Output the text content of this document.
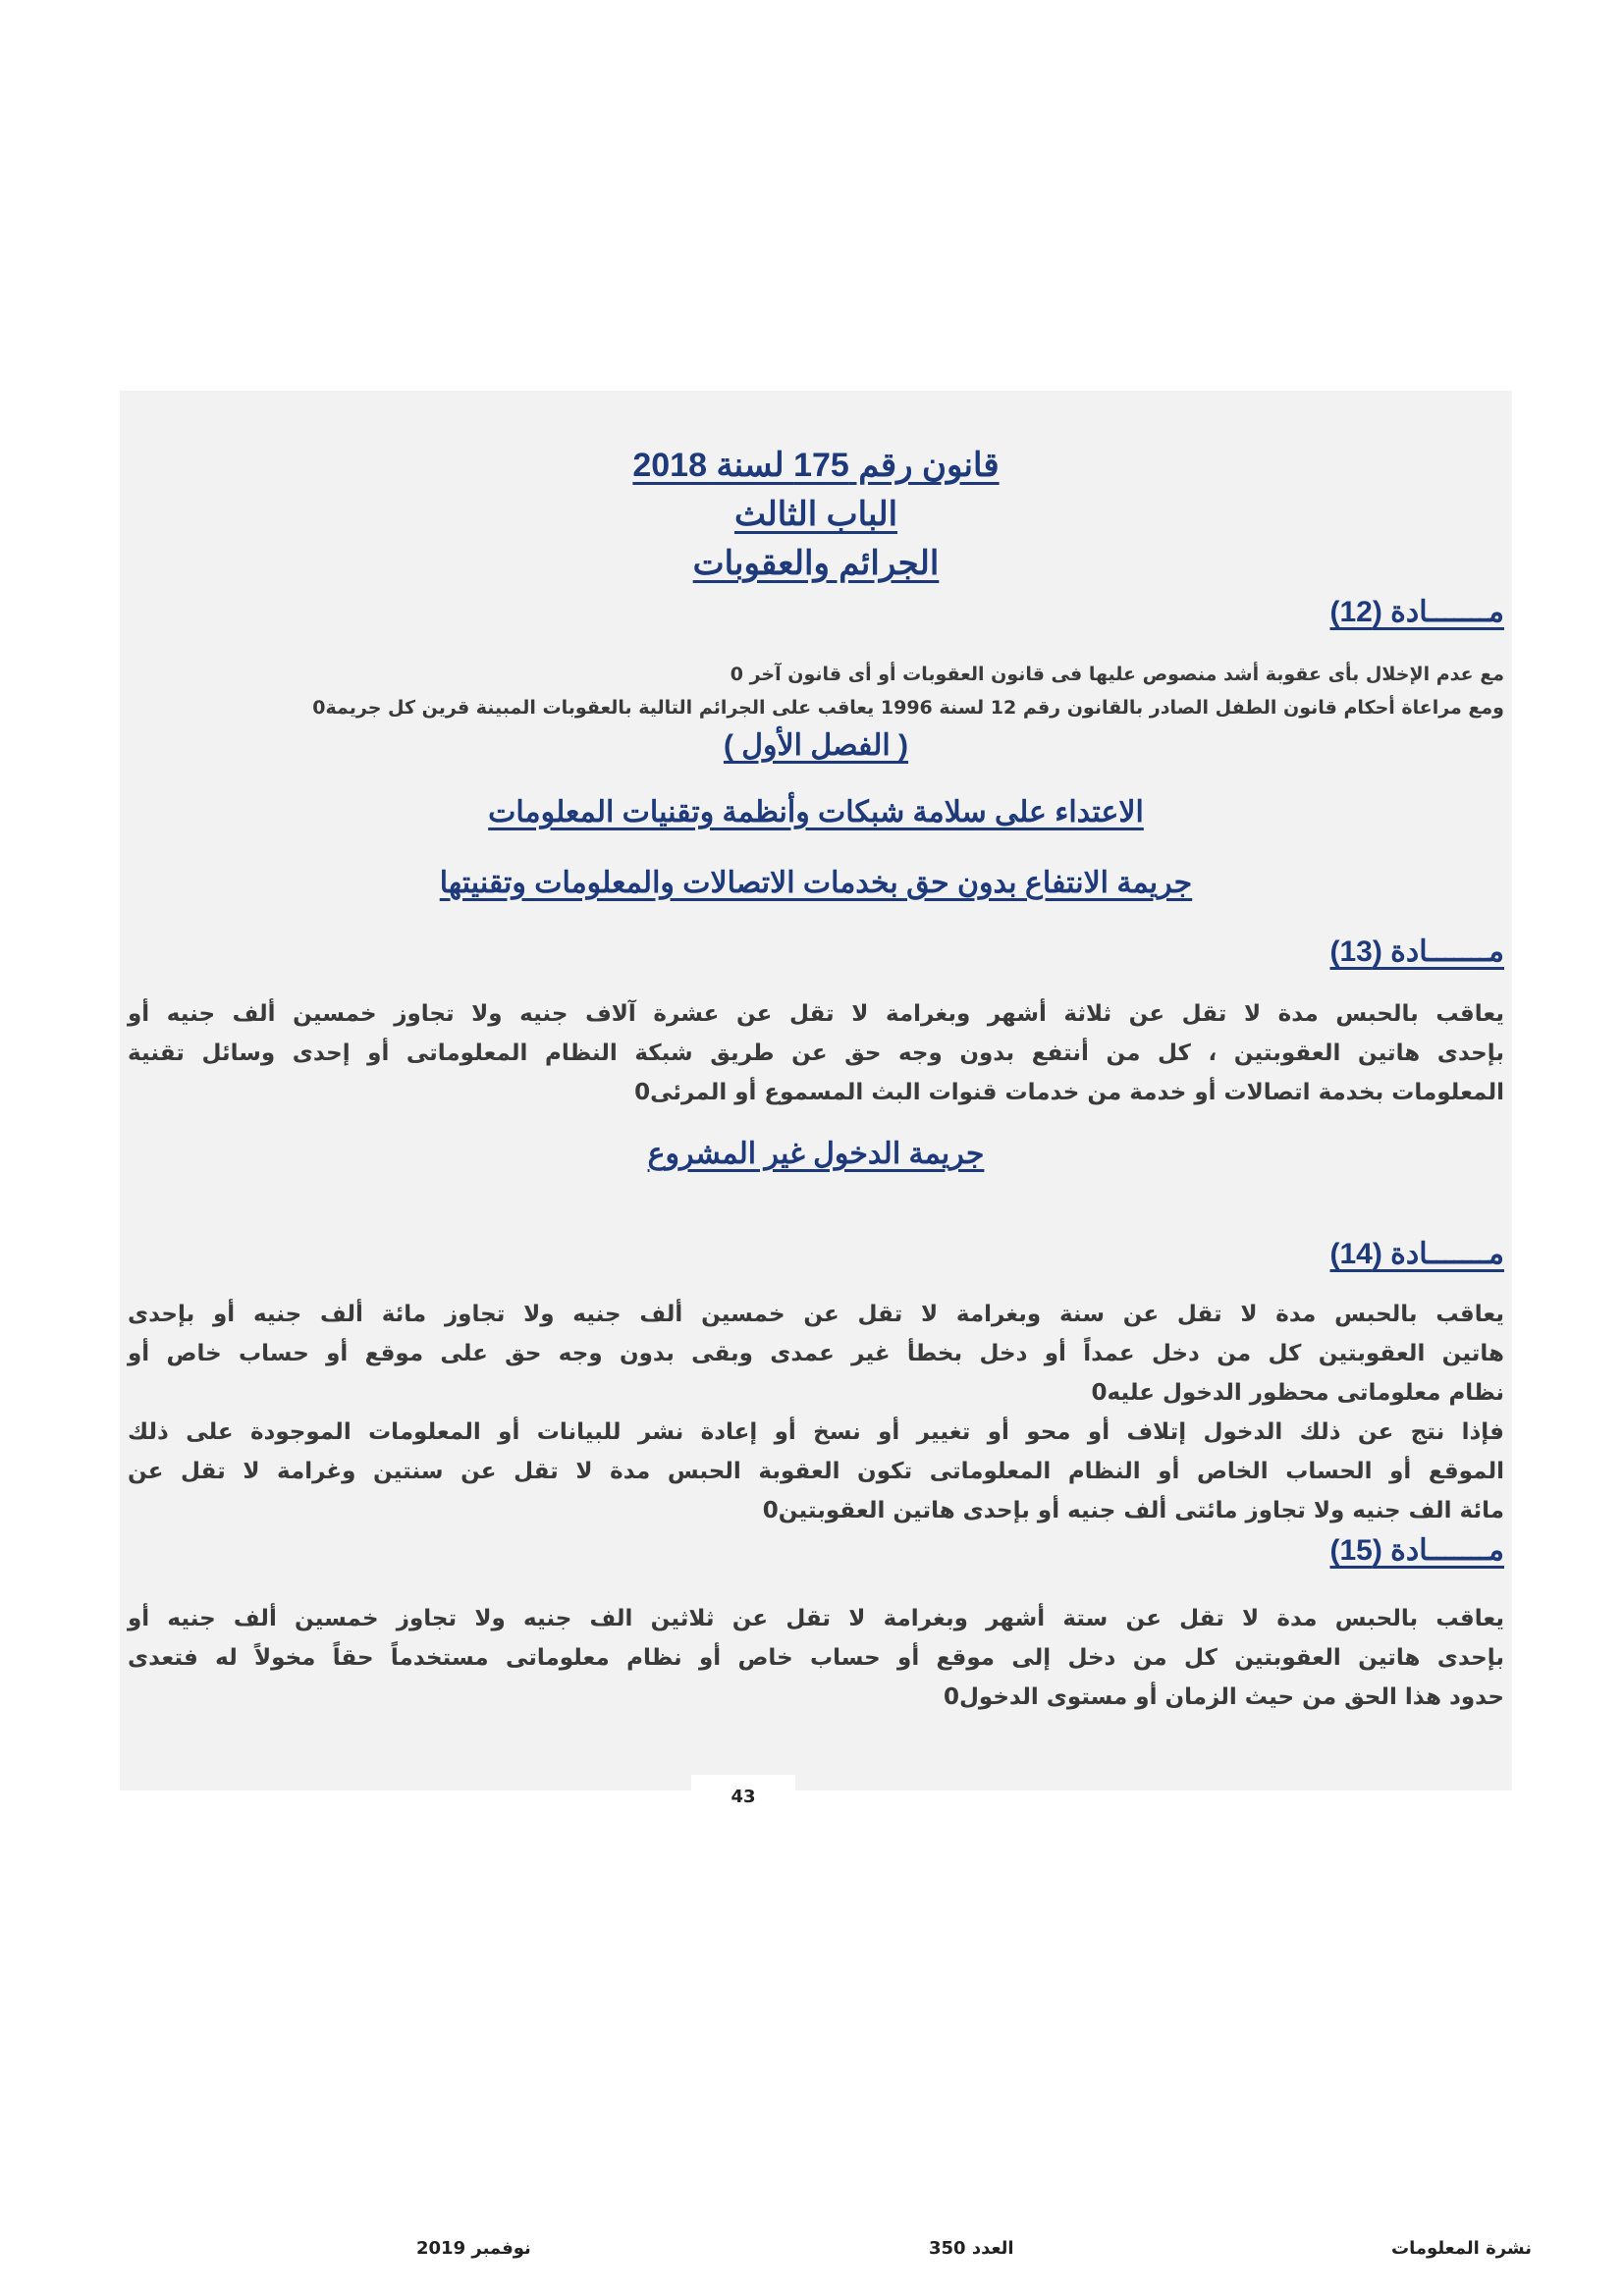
قانون رقم 175 لسنة 2018
الباب الثالث
الجرائم والعقوبات
مـــــــادة (12)
مع عدم الإخلال بأى عقوبة أشد منصوص عليها فى قانون العقوبات أو أى قانون آخر 0
ومع مراعاة أحكام قانون الطفل الصادر بالقانون رقم 12 لسنة 1996 يعاقب على الجرائم التالية بالعقوبات المبينة قرين كل جريمة0
( الفصل الأول )
الاعتداء على سلامة شبكات وأنظمة وتقنيات المعلومات
جريمة الانتفاع بدون حق بخدمات الاتصالات والمعلومات وتقنيتها
مـــــــادة (13)
يعاقب بالحبس مدة لا تقل عن ثلاثة أشهر وبغرامة لا تقل عن عشرة آلاف جنيه ولا تجاوز خمسين ألف جنيه أو
بإحدى هاتين العقوبتين ، كل من أنتفع بدون وجه حق عن طريق شبكة النظام المعلوماتى أو إحدى وسائل تقنية
المعلومات بخدمة اتصالات أو خدمة من خدمات قنوات البث المسموع أو المرئى0
جريمة الدخول غير المشروع
مـــــــادة (14)
يعاقب بالحبس مدة لا تقل عن سنة وبغرامة لا تقل عن خمسين ألف جنيه ولا تجاوز مائة ألف جنيه أو بإحدى
هاتين العقوبتين كل من دخل عمداً أو دخل بخطأ غير عمدى وبقى بدون وجه حق على موقع أو حساب خاص أو
نظام معلوماتى محظور الدخول عليه0
فإذا نتج عن ذلك الدخول إتلاف أو محو أو تغيير أو نسخ أو إعادة نشر للبيانات أو المعلومات الموجودة على ذلك
الموقع أو الحساب الخاص أو النظام المعلوماتى تكون العقوبة الحبس مدة لا تقل عن سنتين وغرامة لا تقل عن
مائة الف جنيه ولا تجاوز مائتى ألف جنيه أو بإحدى هاتين العقوبتين0
مـــــــادة (15)
يعاقب بالحبس مدة لا تقل عن ستة أشهر وبغرامة لا تقل عن ثلاثين الف جنيه ولا تجاوز خمسين ألف جنيه أو
بإحدى هاتين العقوبتين كل من دخل إلى موقع أو حساب خاص أو نظام معلوماتى مستخدماً حقاً مخولاً له فتعدى
حدود هذا الحق من حيث الزمان أو مستوى الدخول0
43
نشرة المعلومات
العدد 350
نوفمبر 2019
